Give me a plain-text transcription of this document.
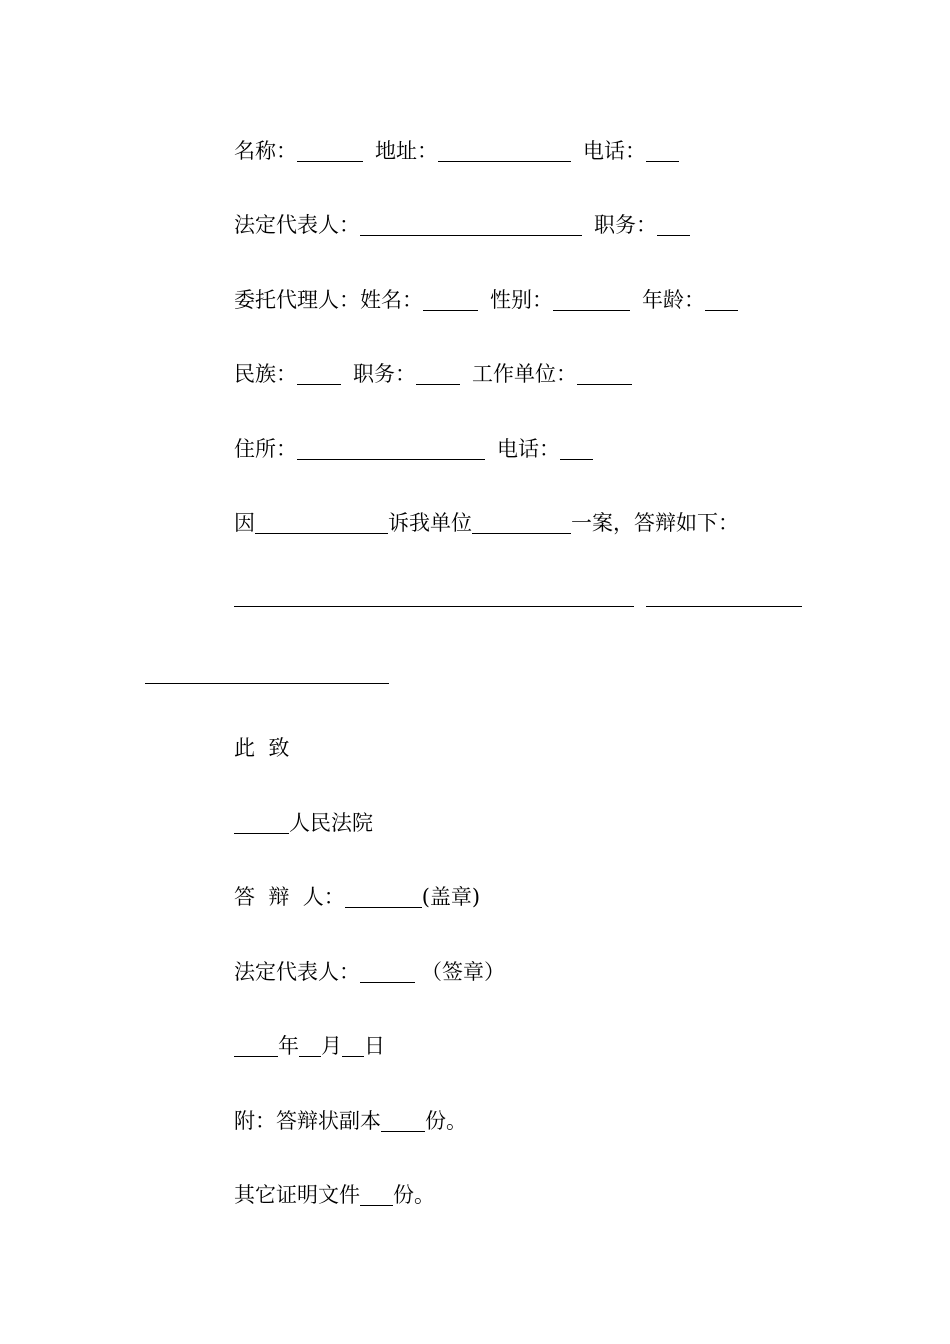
名称：	地址：	电话：
法定代表人：	职务：
委托代理人： 姓名：	性别：	年龄：
民族：	职务：	工作单位：
住所：	电话：
因	诉我单位	一案，答辩如下：
此  致
人民法院
答  辩  人：	(盖章)
法定代表人：	（签章）
年 月 日
附：答辩状副本 份。
其它证明文件 份。
